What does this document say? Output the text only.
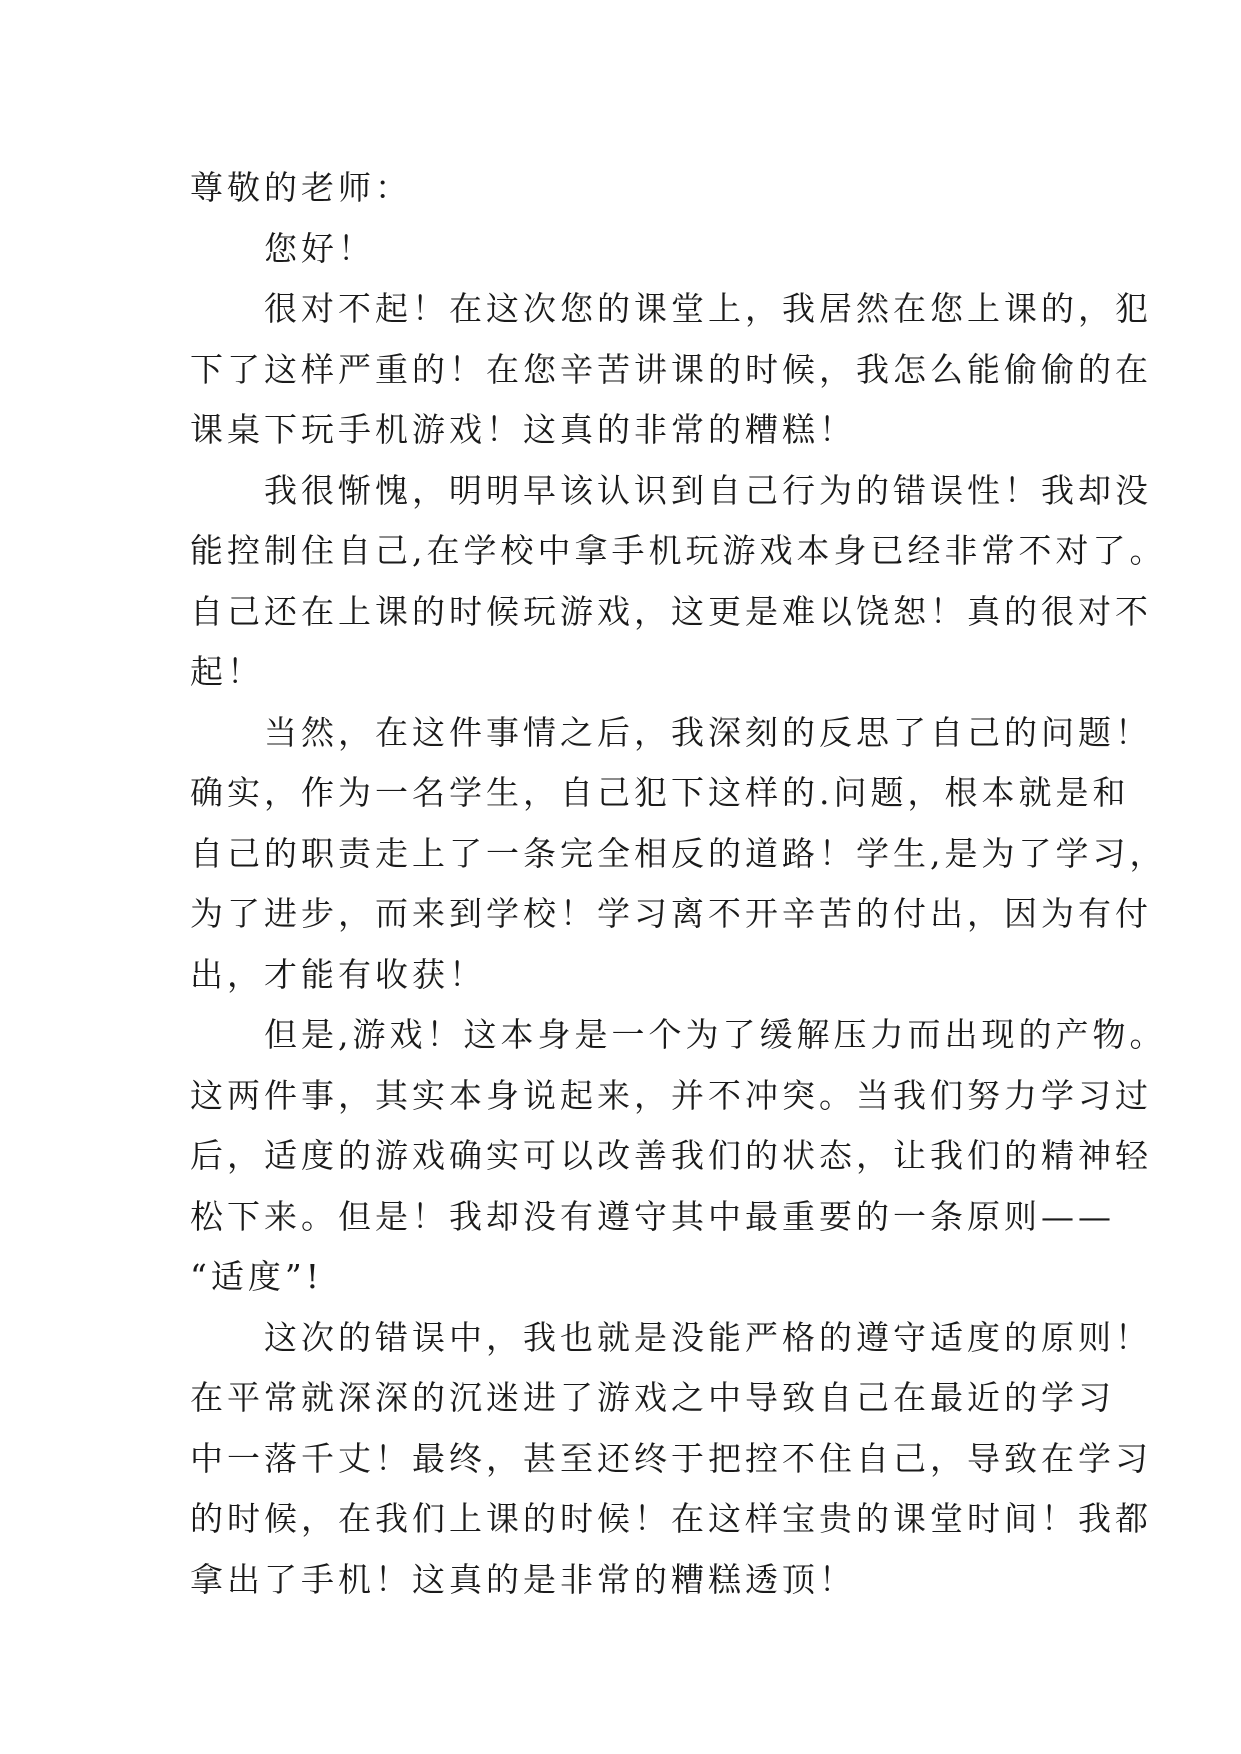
尊敬的老师：

　　您好！

　　很对不起！在这次您的课堂上，我居然在您上课的，犯

下了这样严重的！在您辛苦讲课的时候，我怎么能偷偷的在

课桌下玩手机游戏！这真的非常的糟糕！

　　我很惭愧，明明早该认识到自己行为的错误性！我却没

能控制住自己,在学校中拿手机玩游戏本身已经非常不对了。

自己还在上课的时候玩游戏，这更是难以饶恕！真的很对不

起！

　　当然，在这件事情之后，我深刻的反思了自己的问题！

确实，作为一名学生，自己犯下这样的.问题，根本就是和

自己的职责走上了一条完全相反的道路！学生,是为了学习，

为了进步，而来到学校！学习离不开辛苦的付出，因为有付

出，才能有收获！

　　但是,游戏！这本身是一个为了缓解压力而出现的产物。

这两件事，其实本身说起来，并不冲突。当我们努力学习过

后，适度的游戏确实可以改善我们的状态，让我们的精神轻

松下来。但是！我却没有遵守其中最重要的一条原则——

“适度”!

　　这次的错误中，我也就是没能严格的遵守适度的原则！

在平常就深深的沉迷进了游戏之中导致自己在最近的学习

中一落千丈！最终，甚至还终于把控不住自己，导致在学习

的时候，在我们上课的时候！在这样宝贵的课堂时间！我都

拿出了手机！这真的是非常的糟糕透顶！
